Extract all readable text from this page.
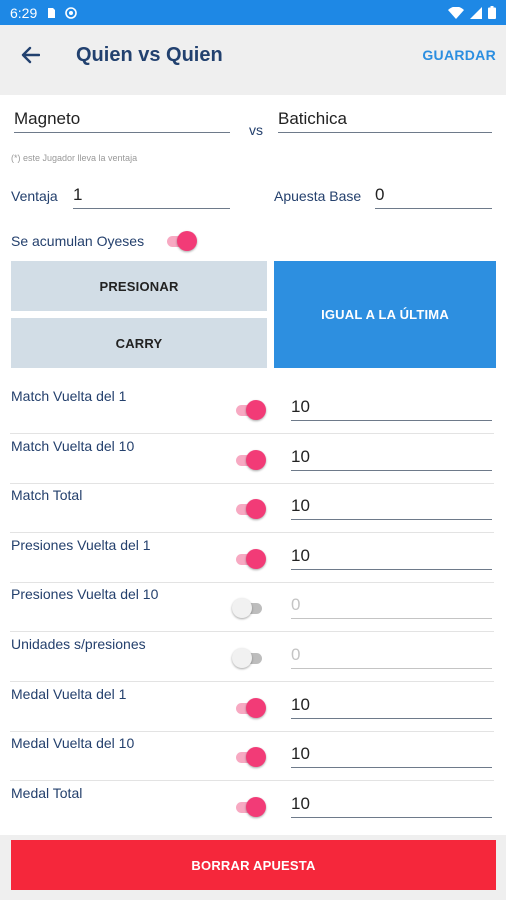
6:29
Quien vs Quien	GUARDAR
Magneto
vs
Batichica
(*) este Jugador lleva la ventaja
Ventaja 1	Apuesta Base 0
Se acumulan Oyeses
PRESIONAR
CARRY
IGUAL A LA ÚLTIMA
Match Vuelta del 1
10
Match Vuelta del 10
10
Match Total
10
Presiones Vuelta del 1
10
Presiones Vuelta del 10
0
Unidades s/presiones
0
Medal Vuelta del 1
10
Medal Vuelta del 10
10
Medal Total
10
BORRAR APUESTA
